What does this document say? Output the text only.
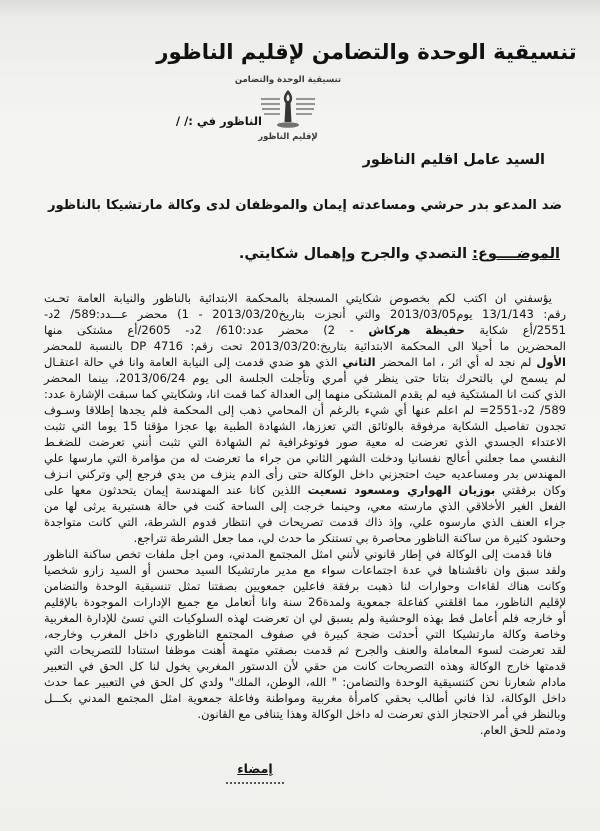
تنسيقية الوحدة والتضامن لإقليم الناظور
تنسيقية الوحدة والتضامن
لإقليم الناظور
الناظور في :/ /
السيد عامل اقليم الناظور
ضد المدعو بدر حرشي ومساعدته إيمان والموظفان لدى وكالة مارتشيكا بالناظور
الموضــــوع: التصدي والجرح وإهمال شكايتي.
يؤسفني ان اكتب لكم بخصوص شكايتي المسجلة بالمحكمة الابتدائية بالناظور والنيابة العامة تحـت
رقم: 13/1/143 يوم2013/03/05 والتي أنجزت بتاريخ2013/03/20 - 1) محضر عـــدد:589/ 2د-
2551/أع شكاية حفيظة هركاش - 2) محضر عدد:610/ 2د- 2605/أع مشتكى منها
المحضرين ما أحيلا الى المحكمة الابتدائية بتاريخ:2013/03/20 تحت رقم: DP 4716 بالنسبة للمحضر
الأول لم نجد له أي اثر ، اما المحضر الثاني الذي هو ضدي قدمت إلى النيابة العامة وانا في حالة اعتقـال
لم يسمح لي بالتحرك بتاتا حتى ينظر في أمري وتأجلت الجلسة الى يوم 2013/06/24، بينما المحضر
الذي كنت انا المشتكية فيه لم يقدم المشتكى منهما إلى العدالة كما قمت انا، وشكايتي كما سبقت الإشارة عدد:
589/ 2د-2551= لم اعلم عنها أي شيء بالرغم أن المحامي ذهب إلى المحكمة فلم يجدها إطلاقا وسـوف
تجدون تفاصيل الشكاية مرفوقة بالوثائق التي تعززها، الشهادة الطبية بها عجزا مؤقتا 15 يوما التي تثبت
الاعتداء الجسدي الذي تعرضت له معية صور فوتوغرافية ثم الشهادة التي تثبت أنني تعرضت للضغـط
النفسي مما جعلني أعالج نفسانيا ودخلت الشهر الثاني من جراء ما تعرضت له من مؤامرة التي مارسها علي
المهندس بدر ومساعديه حيث احتجزني داخل الوكالة حتى رأى الدم ينزف من يدي فرجع إلي وتركني انـزف
وكان برفقتي بوزيان الهواري ومسعود تسعيت اللذين كانا عند المهندسة إيمان يتحدثون معها على
الفعل الغير الأخلاقي الذي مارسته معي، وحينما خرجت إلى الساحة كنت في حالة هستيرية يرثى لها من
جراء العنف الذي مارسوه علي، وإذ ذاك قدمت تصريحات في انتظار قدوم الشرطة، التي كانت متواجدة
وحشود كثيرة من ساكنة الناظور محاصرة بي تستنكر ما حدث لي، مما جعل الشرطة تتراجع.
فانا قدمت إلى الوكالة في إطار قانوني لأنني امثل المجتمع المدني، ومن اجل ملفات تخص ساكنة الناظور
ولقد سبق وان ناقشناها في عدة اجتماعات سواء مع مدير مارتشيكا السيد محسن أو السيد زارو شخصيا
وكانت هناك لقاءات وحوارات لنا ذهبت برفقة فاعلين جمعويين بصفتنا تمثل تنسيقية الوحدة والتضامن
لإقليم الناظور، مما اقلقني كفاعلة جمعوية ولمدة26 سنة وانا أتعامل مع جميع الإدارات الموجودة بالإقليم
أو خارجه فلم أعامل قط بهذه الوحشية ولم يسبق لي ان تعرضت لهذه السلوكيات التي تسئ للإدارة المغربية
وخاصة وكالة مارتشيكا التي أحدثت ضجة كبيرة في صفوف المجتمع الناظوري داخل المغرب وخارجه،
لقد تعرضت لسوء المعاملة والعنف والجرح ثم قدمت بصفتي متهمة أهنت موظفا استنادا للتصريحات التي
قدمتها خارج الوكالة وهذه التصريحات كانت من حقي لأن الدستور المغربي يخول لنا كل الحق في التعبير
مادام شعارنا نحن كتنسيقية الوحدة والتضامن: " الله، الوطن، الملك" ولدي كل الحق في التعبير عما حدث
داخل الوكالة، لذا فاني أطالب بحقي كامرأة مغربية ومواطنة وفاعلة جمعوية امثل المجتمع المدني بكـــل
وبالنظر في أمر الاحتجاز الذي تعرضت له داخل الوكالة وهذا يتنافى مع القانون.
ودمتم للحق العام.
إمضاء
